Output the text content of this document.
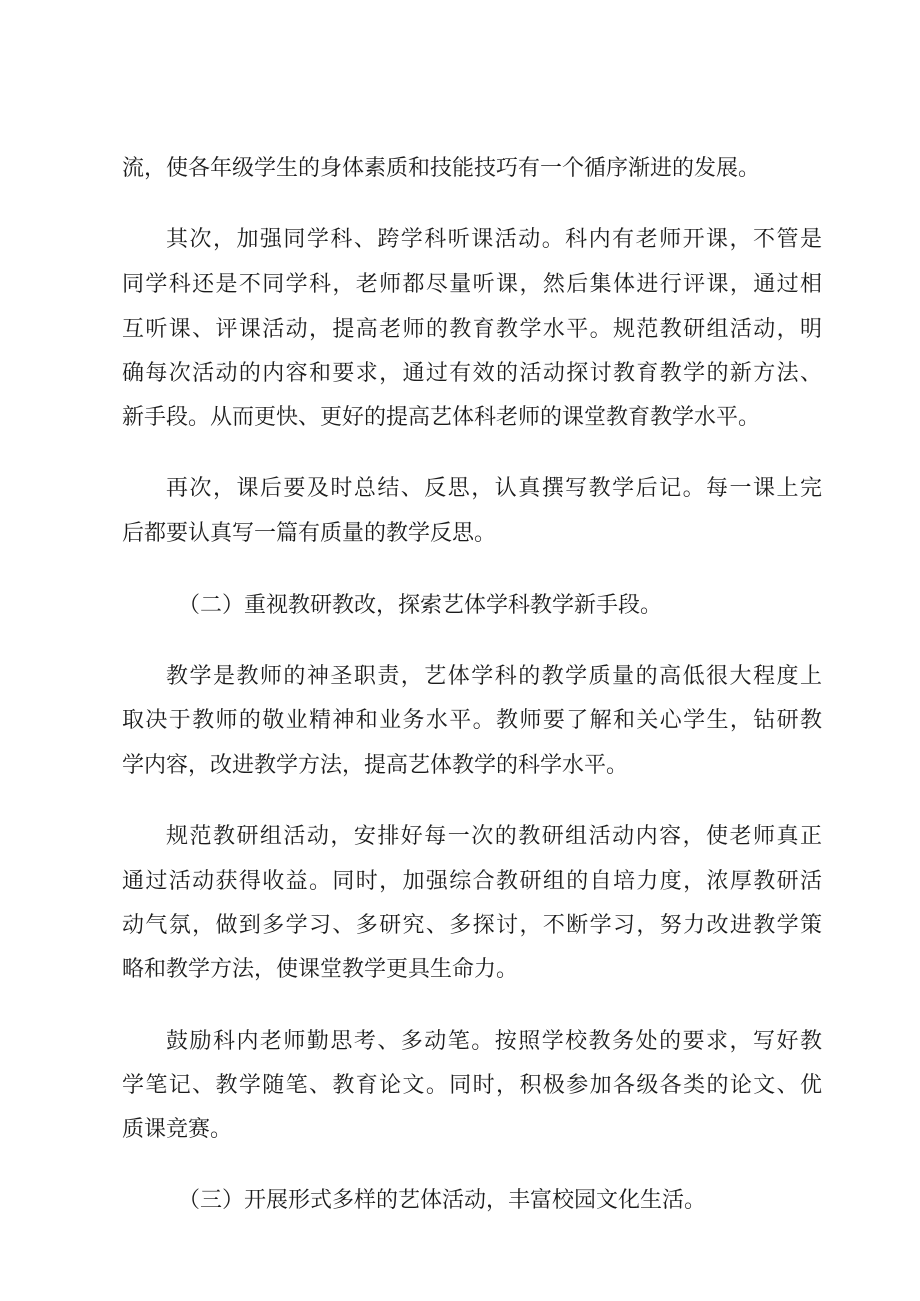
流，使各年级学生的身体素质和技能技巧有一个循序渐进的发展。
其次，加强同学科、跨学科听课活动。科内有老师开课，不管是
同学科还是不同学科，老师都尽量听课，然后集体进行评课，通过相
互听课、评课活动，提高老师的教育教学水平。规范教研组活动，明
确每次活动的内容和要求，通过有效的活动探讨教育教学的新方法、
新手段。从而更快、更好的提高艺体科老师的课堂教育教学水平。
再次，课后要及时总结、反思，认真撰写教学后记。每一课上完
后都要认真写一篇有质量的教学反思。
（二）重视教研教改，探索艺体学科教学新手段。
教学是教师的神圣职责，艺体学科的教学质量的高低很大程度上
取决于教师的敬业精神和业务水平。教师要了解和关心学生，钻研教
学内容，改进教学方法，提高艺体教学的科学水平。
规范教研组活动，安排好每一次的教研组活动内容，使老师真正
通过活动获得收益。同时，加强综合教研组的自培力度，浓厚教研活
动气氛，做到多学习、多研究、多探讨，不断学习，努力改进教学策
略和教学方法，使课堂教学更具生命力。
鼓励科内老师勤思考、多动笔。按照学校教务处的要求，写好教
学笔记、教学随笔、教育论文。同时，积极参加各级各类的论文、优
质课竞赛。
（三）开展形式多样的艺体活动，丰富校园文化生活。
